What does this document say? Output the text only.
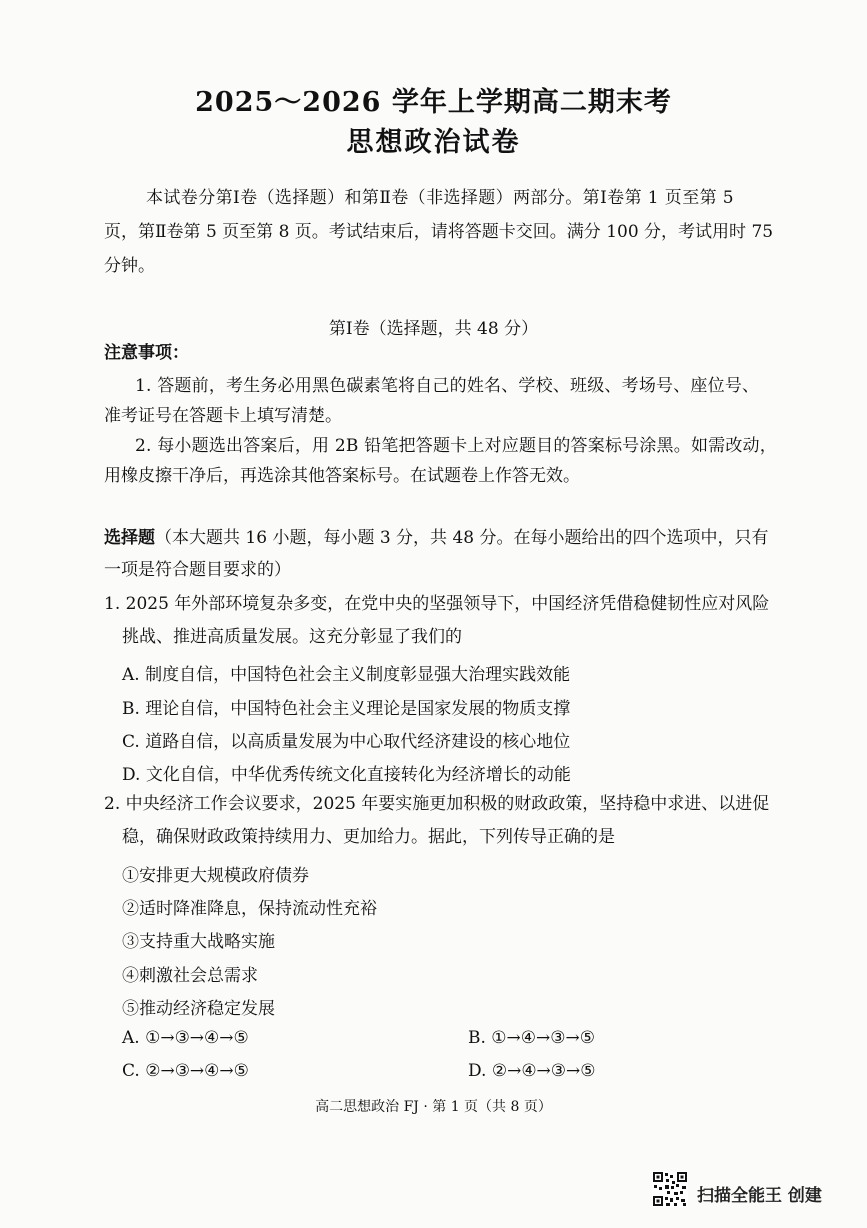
2025～2026 学年上学期高二期末考
思想政治试卷
本试卷分第Ⅰ卷（选择题）和第Ⅱ卷（非选择题）两部分。第Ⅰ卷第 1 页至第 5
页，第Ⅱ卷第 5 页至第 8 页。考试结束后，请将答题卡交回。满分 100 分，考试用时 75
分钟。
第Ⅰ卷（选择题，共 48 分）
注意事项：
1. 答题前，考生务必用黑色碳素笔将自己的姓名、学校、班级、考场号、座位号、
准考证号在答题卡上填写清楚。
2. 每小题选出答案后，用 2B 铅笔把答题卡上对应题目的答案标号涂黑。如需改动，
用橡皮擦干净后，再选涂其他答案标号。在试题卷上作答无效。
选择题（本大题共 16 小题，每小题 3 分，共 48 分。在每小题给出的四个选项中，只有
一项是符合题目要求的）
1. 2025 年外部环境复杂多变，在党中央的坚强领导下，中国经济凭借稳健韧性应对风险
挑战、推进高质量发展。这充分彰显了我们的
A. 制度自信，中国特色社会主义制度彰显强大治理实践效能
B. 理论自信，中国特色社会主义理论是国家发展的物质支撑
C. 道路自信，以高质量发展为中心取代经济建设的核心地位
D. 文化自信，中华优秀传统文化直接转化为经济增长的动能
2. 中央经济工作会议要求，2025 年要实施更加积极的财政政策，坚持稳中求进、以进促
稳，确保财政政策持续用力、更加给力。据此，下列传导正确的是
①安排更大规模政府债券
②适时降准降息，保持流动性充裕
③支持重大战略实施
④刺激社会总需求
⑤推动经济稳定发展
A. ①→③→④→⑤	B. ①→④→③→⑤
C. ②→③→④→⑤	D. ②→④→③→⑤
高二思想政治 FJ · 第 1 页（共 8 页）
扫描全能王 创建
